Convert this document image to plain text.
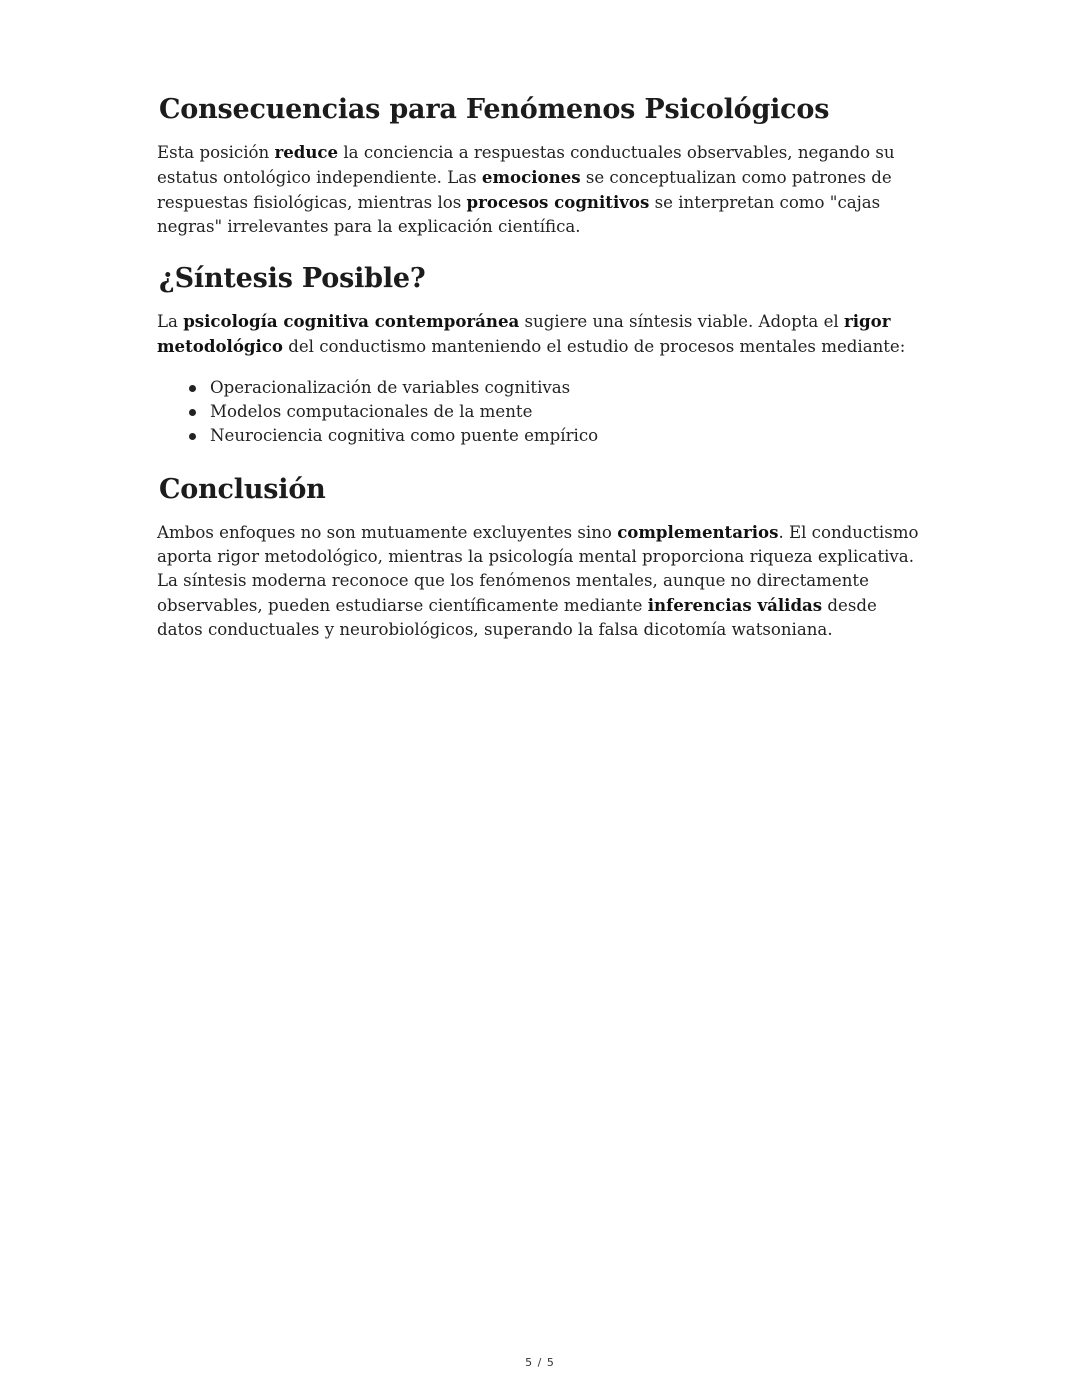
Consecuencias para Fenómenos Psicológicos

Esta posición reduce la conciencia a respuestas conductuales observables, negando su estatus ontológico independiente. Las emociones se conceptualizan como patrones de respuestas fisiológicas, mientras los procesos cognitivos se interpretan como "cajas negras" irrelevantes para la explicación científica.

¿Síntesis Posible?

La psicología cognitiva contemporánea sugiere una síntesis viable. Adopta el rigor metodológico del conductismo manteniendo el estudio de procesos mentales mediante:

Operacionalización de variables cognitivas
Modelos computacionales de la mente
Neurociencia cognitiva como puente empírico
Conclusión

Ambos enfoques no son mutuamente excluyentes sino complementarios. El conductismo aporta rigor metodológico, mientras la psicología mental proporciona riqueza explicativa. La síntesis moderna reconoce que los fenómenos mentales, aunque no directamente observables, pueden estudiarse científicamente mediante inferencias válidas desde datos conductuales y neurobiológicos, superando la falsa dicotomía watsoniana.

5 / 5
